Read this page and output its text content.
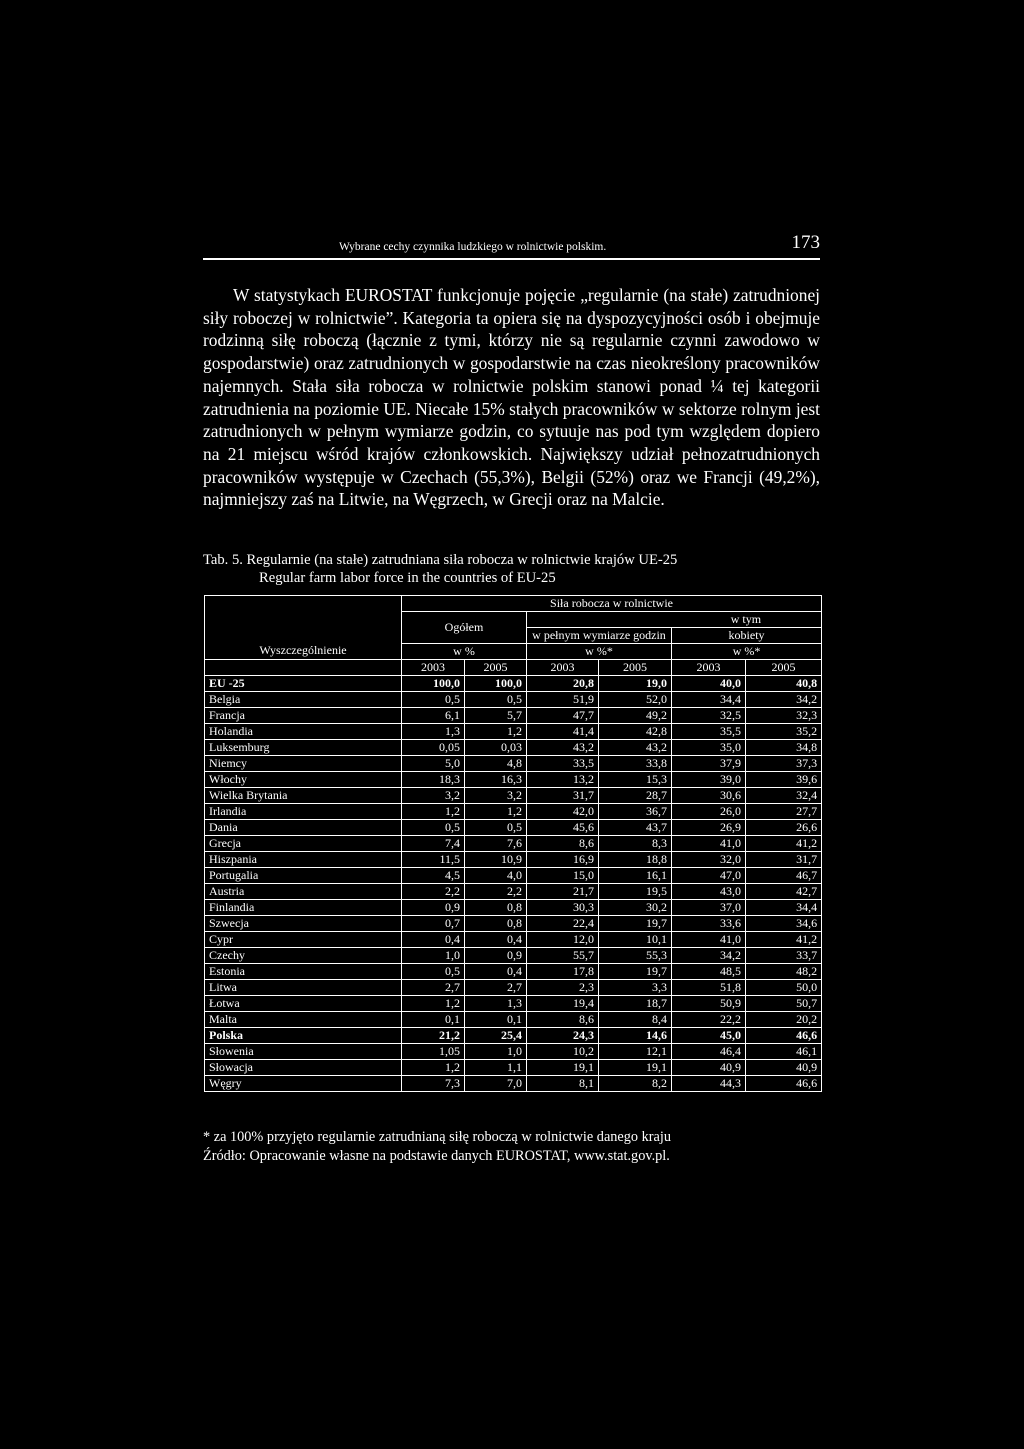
Wybrane cechy czynnika ludzkiego w rolnictwie polskim.	173

W statystykach EUROSTAT funkcjonuje pojęcie „regularnie (na stałe) zatrudnionej siły roboczej w rolnictwie”. Kategoria ta opiera się na dyspozycyjności osób i obejmuje rodzinną siłę roboczą (łącznie z tymi, którzy nie są regularnie czynni zawodowo w gospodarstwie) oraz zatrudnionych w gospodarstwie na czas nieokreślony pracowników najemnych. Stała siła robocza w rolnictwie polskim stanowi ponad ¼ tej kategorii zatrudnienia na poziomie UE. Niecałe 15% stałych pracowników w sektorze rolnym jest zatrudnionych w pełnym wymiarze godzin, co sytuuje nas pod tym względem dopiero na 21 miejscu wśród krajów członkowskich. Największy udział pełnozatrudnionych pracowników występuje w Czechach (55,3%), Belgii (52%) oraz we Francji (49,2%), najmniejszy zaś na Litwie, na Węgrzech, w Grecji oraz na Malcie.

Tab. 5. Regularnie (na stałe) zatrudniana siła robocza w rolnictwie krajów UE-25
Regular farm labor force in the countries of EU-25
Wyszczególnienie	Siła robocza w rolnictwie					
	Ogółem		w tym			
			w pełnym wymiarze godzin		kobiety	

	w %		w %*		w %*	
	2003	2005	2003	2005	2003	2005
EU -25	100,0	100,0	20,8	19,0	40,0	40,8
Belgia	0,5	0,5	51,9	52,0	34,4	34,2
Francja	6,1	5,7	47,7	49,2	32,5	32,3
Holandia	1,3	1,2	41,4	42,8	35,5	35,2
Luksemburg	0,05	0,03	43,2	43,2	35,0	34,8
Niemcy	5,0	4,8	33,5	33,8	37,9	37,3
Włochy	18,3	16,3	13,2	15,3	39,0	39,6
Wielka Brytania	3,2	3,2	31,7	28,7	30,6	32,4
Irlandia	1,2	1,2	42,0	36,7	26,0	27,7
Dania	0,5	0,5	45,6	43,7	26,9	26,6
Grecja	7,4	7,6	8,6	8,3	41,0	41,2
Hiszpania	11,5	10,9	16,9	18,8	32,0	31,7
Portugalia	4,5	4,0	15,0	16,1	47,0	46,7
Austria	2,2	2,2	21,7	19,5	43,0	42,7
Finlandia	0,9	0,8	30,3	30,2	37,0	34,4
Szwecja	0,7	0,8	22,4	19,7	33,6	34,6
Cypr	0,4	0,4	12,0	10,1	41,0	41,2
Czechy	1,0	0,9	55,7	55,3	34,2	33,7
Estonia	0,5	0,4	17,8	19,7	48,5	48,2
Litwa	2,7	2,7	2,3	3,3	51,8	50,0
Łotwa	1,2	1,3	19,4	18,7	50,9	50,7
Malta	0,1	0,1	8,6	8,4	22,2	20,2
Polska	21,2	25,4	24,3	14,6	45,0	46,6
Słowenia	1,05	1,0	10,2	12,1	46,4	46,1
Słowacja	1,2	1,1	19,1	19,1	40,9	40,9
Węgry	7,3	7,0	8,1	8,2	44,3	46,6
* za 100% przyjęto regularnie zatrudnianą siłę roboczą w rolnictwie danego kraju
Źródło: Opracowanie własne na podstawie danych EUROSTAT, www.stat.gov.pl.
